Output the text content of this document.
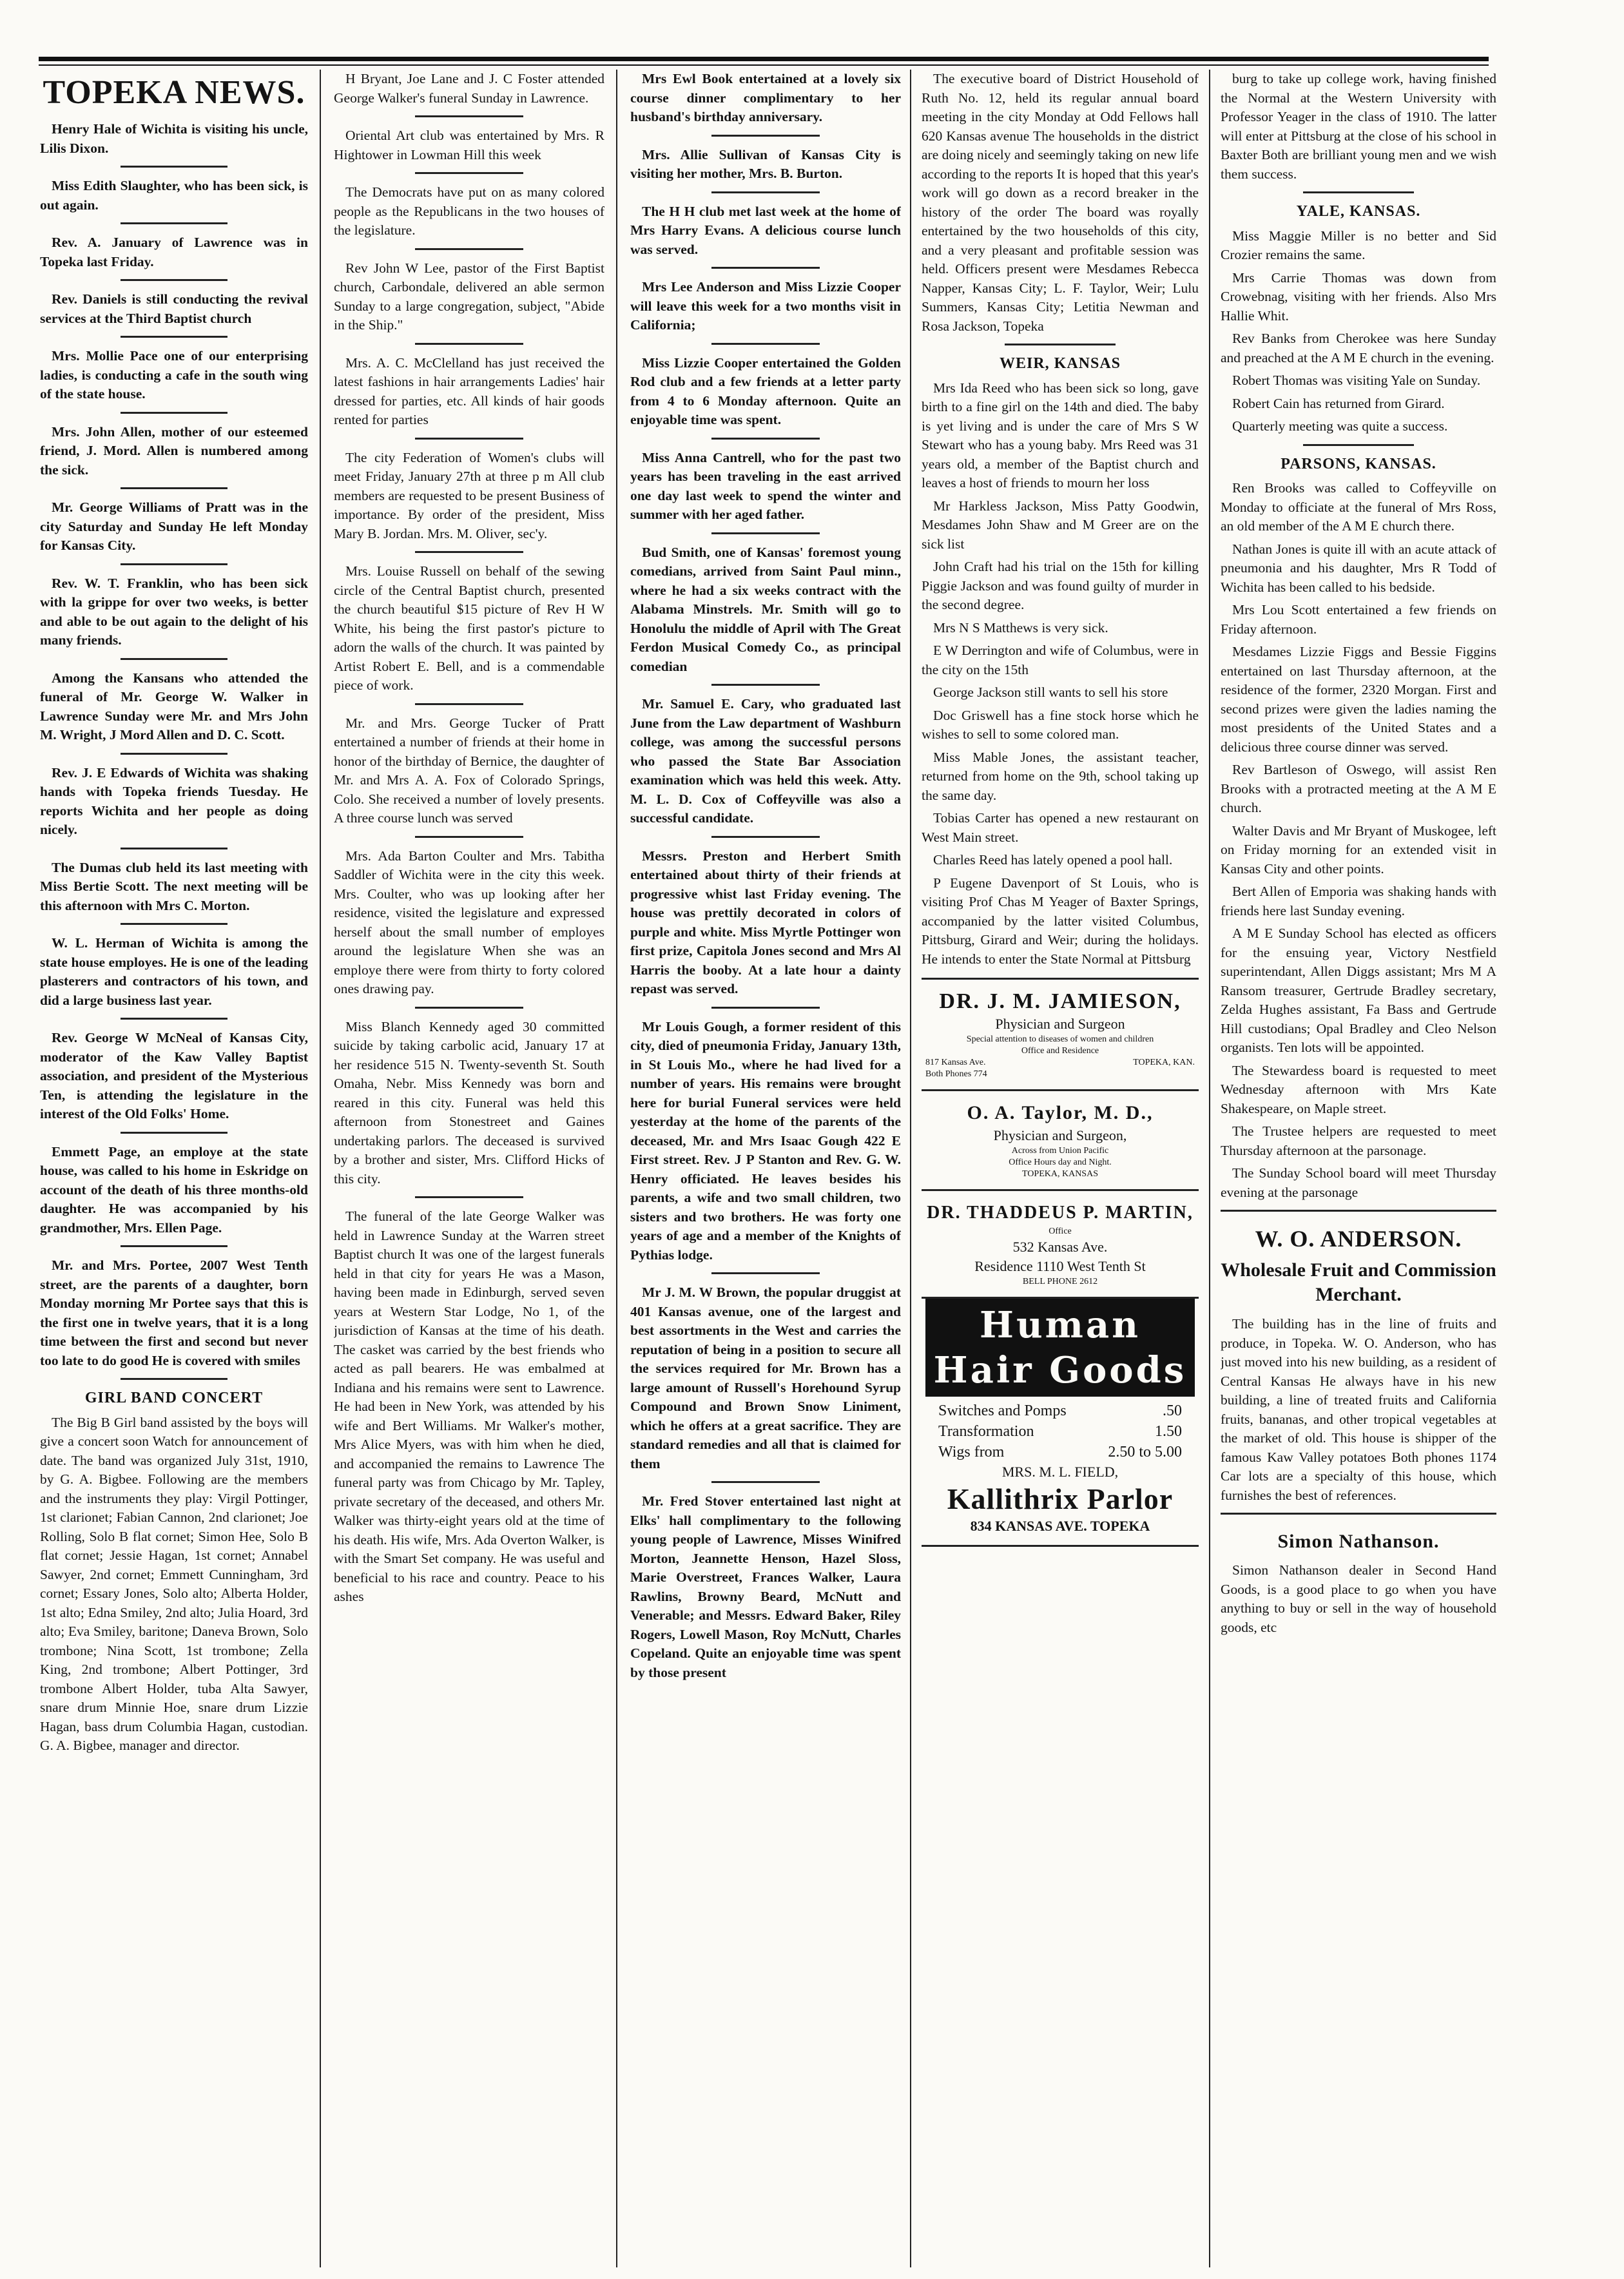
TOPEKA NEWS.

Henry Hale of Wichita is visiting his uncle, Lilis Dixon.

Miss Edith Slaughter, who has been sick, is out again.

Rev. A. January of Lawrence was in Topeka last Friday.

Rev. Daniels is still conducting the revival services at the Third Baptist church

Mrs. Mollie Pace one of our enterprising ladies, is conducting a cafe in the south wing of the state house.

Mrs. John Allen, mother of our esteemed friend, J. Mord. Allen is numbered among the sick.

Mr. George Williams of Pratt was in the city Saturday and Sunday He left Monday for Kansas City.

Rev. W. T. Franklin, who has been sick with la grippe for over two weeks, is better and able to be out again to the delight of his many friends.

Among the Kansans who attended the funeral of Mr. George W. Walker in Lawrence Sunday were Mr. and Mrs John M. Wright, J Mord Allen and D. C. Scott.

Rev. J. E Edwards of Wichita was shaking hands with Topeka friends Tuesday. He reports Wichita and her people as doing nicely.

The Dumas club held its last meeting with Miss Bertie Scott. The next meeting will be this afternoon with Mrs C. Morton.

W. L. Herman of Wichita is among the state house employes. He is one of the leading plasterers and contractors of his town, and did a large business last year.

Rev. George W McNeal of Kansas City, moderator of the Kaw Valley Baptist association, and president of the Mysterious Ten, is attending the legislature in the interest of the Old Folks' Home.

Emmett Page, an employe at the state house, was called to his home in Eskridge on account of the death of his three months-old daughter. He was accompanied by his grandmother, Mrs. Ellen Page.

Mr. and Mrs. Portee, 2007 West Tenth street, are the parents of a daughter, born Monday morning Mr Portee says that this is the first one in twelve years, that it is a long time between the first and second but never too late to do good He is covered with smiles

GIRL BAND CONCERT

The Big B Girl band assisted by the boys will give a concert soon Watch for announcement of date. The band was organized July 31st, 1910, by G. A. Bigbee. Following are the members and the instruments they play: Virgil Pottinger, 1st clarionet; Fabian Cannon, 2nd clarionet; Joe Rolling, Solo B flat cornet; Simon Hee, Solo B flat cornet; Jessie Hagan, 1st cornet; Annabel Sawyer, 2nd cornet; Emmett Cunningham, 3rd cornet; Essary Jones, Solo alto; Alberta Holder, 1st alto; Edna Smiley, 2nd alto; Julia Hoard, 3rd alto; Eva Smiley, baritone; Daneva Brown, Solo trombone; Nina Scott, 1st trombone; Zella King, 2nd trombone; Albert Pottinger, 3rd trombone Albert Holder, tuba Alta Sawyer, snare drum Minnie Hoe, snare drum Lizzie Hagan, bass drum Columbia Hagan, custodian. G. A. Bigbee, manager and director.

H Bryant, Joe Lane and J. C Foster attended George Walker's funeral Sunday in Lawrence.

Oriental Art club was entertained by Mrs. R Hightower in Lowman Hill this week

The Democrats have put on as many colored people as the Republicans in the two houses of the legislature.

Rev John W Lee, pastor of the First Baptist church, Carbondale, delivered an able sermon Sunday to a large congregation, subject, "Abide in the Ship."

Mrs. A. C. McClelland has just received the latest fashions in hair arrangements Ladies' hair dressed for parties, etc. All kinds of hair goods rented for parties

The city Federation of Women's clubs will meet Friday, January 27th at three p m All club members are requested to be present Business of importance. By order of the president, Miss Mary B. Jordan. Mrs. M. Oliver, sec'y.

Mrs. Louise Russell on behalf of the sewing circle of the Central Baptist church, presented the church beautiful $15 picture of Rev H W White, his being the first pastor's picture to adorn the walls of the church. It was painted by Artist Robert E. Bell, and is a commendable piece of work.

Mr. and Mrs. George Tucker of Pratt entertained a number of friends at their home in honor of the birthday of Bernice, the daughter of Mr. and Mrs A. A. Fox of Colorado Springs, Colo. She received a number of lovely presents. A three course lunch was served

Mrs. Ada Barton Coulter and Mrs. Tabitha Saddler of Wichita were in the city this week. Mrs. Coulter, who was up looking after her residence, visited the legislature and expressed herself about the small number of employes around the legislature When she was an employe there were from thirty to forty colored ones drawing pay.

Miss Blanch Kennedy aged 30 committed suicide by taking carbolic acid, January 17 at her residence 515 N. Twenty-seventh St. South Omaha, Nebr. Miss Kennedy was born and reared in this city. Funeral was held this afternoon from Stonestreet and Gaines undertaking parlors. The deceased is survived by a brother and sister, Mrs. Clifford Hicks of this city.

The funeral of the late George Walker was held in Lawrence Sunday at the Warren street Baptist church It was one of the largest funerals held in that city for years He was a Mason, having been made in Edinburgh, served seven years at Western Star Lodge, No 1, of the jurisdiction of Kansas at the time of his death. The casket was carried by the best friends who acted as pall bearers. He was embalmed at Indiana and his remains were sent to Lawrence. He had been in New York, was attended by his wife and Bert Williams. Mr Walker's mother, Mrs Alice Myers, was with him when he died, and accompanied the remains to Lawrence The funeral party was from Chicago by Mr. Tapley, private secretary of the deceased, and others Mr. Walker was thirty-eight years old at the time of his death. His wife, Mrs. Ada Overton Walker, is with the Smart Set company. He was useful and beneficial to his race and country. Peace to his ashes

Mrs Ewl Book entertained at a lovely six course dinner complimentary to her husband's birthday anniversary.

Mrs. Allie Sullivan of Kansas City is visiting her mother, Mrs. B. Burton.

The H H club met last week at the home of Mrs Harry Evans. A delicious course lunch was served.

Mrs Lee Anderson and Miss Lizzie Cooper will leave this week for a two months visit in California;

Miss Lizzie Cooper entertained the Golden Rod club and a few friends at a letter party from 4 to 6 Monday afternoon. Quite an enjoyable time was spent.

Miss Anna Cantrell, who for the past two years has been traveling in the east arrived one day last week to spend the winter and summer with her aged father.

Bud Smith, one of Kansas' foremost young comedians, arrived from Saint Paul minn., where he had a six weeks contract with the Alabama Minstrels. Mr. Smith will go to Honolulu the middle of April with The Great Ferdon Musical Comedy Co., as principal comedian

Mr. Samuel E. Cary, who graduated last June from the Law department of Washburn college, was among the successful persons who passed the State Bar Association examination which was held this week. Atty. M. L. D. Cox of Coffeyville was also a successful candidate.

Messrs. Preston and Herbert Smith entertained about thirty of their friends at progressive whist last Friday evening. The house was prettily decorated in colors of purple and white. Miss Myrtle Pottinger won first prize, Capitola Jones second and Mrs Al Harris the booby. At a late hour a dainty repast was served.

Mr Louis Gough, a former resident of this city, died of pneumonia Friday, January 13th, in St Louis Mo., where he had lived for a number of years. His remains were brought here for burial Funeral services were held yesterday at the home of the parents of the deceased, Mr. and Mrs Isaac Gough 422 E First street. Rev. J P Stanton and Rev. G. W. Henry officiated. He leaves besides his parents, a wife and two small children, two sisters and two brothers. He was forty one years of age and a member of the Knights of Pythias lodge.

Mr J. M. W Brown, the popular druggist at 401 Kansas avenue, one of the largest and best assortments in the West and carries the reputation of being in a position to secure all the services required for Mr. Brown has a large amount of Russell's Horehound Syrup Compound and Brown Snow Liniment, which he offers at a great sacrifice. They are standard remedies and all that is claimed for them

Mr. Fred Stover entertained last night at Elks' hall complimentary to the following young people of Lawrence, Misses Winifred Morton, Jeannette Henson, Hazel Sloss, Marie Overstreet, Frances Walker, Laura Rawlins, Browny Beard, McNutt and Venerable; and Messrs. Edward Baker, Riley Rogers, Lowell Mason, Roy McNutt, Charles Copeland. Quite an enjoyable time was spent by those present

The executive board of District Household of Ruth No. 12, held its regular annual board meeting in the city Monday at Odd Fellows hall 620 Kansas avenue The households in the district are doing nicely and seemingly taking on new life according to the reports It is hoped that this year's work will go down as a record breaker in the history of the order The board was royally entertained by the two households of this city, and a very pleasant and profitable session was held. Officers present were Mesdames Rebecca Napper, Kansas City; L. F. Taylor, Weir; Lulu Summers, Kansas City; Letitia Newman and Rosa Jackson, Topeka

WEIR, KANSAS

Mrs Ida Reed who has been sick so long, gave birth to a fine girl on the 14th and died. The baby is yet living and is under the care of Mrs S W Stewart who has a young baby. Mrs Reed was 31 years old, a member of the Baptist church and leaves a host of friends to mourn her loss

Mr Harkless Jackson, Miss Patty Goodwin, Mesdames John Shaw and M Greer are on the sick list

John Craft had his trial on the 15th for killing Piggie Jackson and was found guilty of murder in the second degree.

Mrs N S Matthews is very sick.

E W Derrington and wife of Columbus, were in the city on the 15th

George Jackson still wants to sell his store

Doc Griswell has a fine stock horse which he wishes to sell to some colored man.

Miss Mable Jones, the assistant teacher, returned from home on the 9th, school taking up the same day.

Tobias Carter has opened a new restaurant on West Main street.

Charles Reed has lately opened a pool hall.

P Eugene Davenport of St Louis, who is visiting Prof Chas M Yeager of Baxter Springs, accompanied by the latter visited Columbus, Pittsburg, Girard and Weir; during the holidays. He intends to enter the State Normal at Pittsburg

DR. J. M. JAMIESON,
Physician and Surgeon
Special attention to diseases of women and children
Office and Residence
817 Kansas Ave.	TOPEKA, KAN.
Both Phones 774
O. A. Taylor, M. D.,
Physician and Surgeon,
Across from Union Pacific
Office Hours day and Night.
TOPEKA, KANSAS
DR. THADDEUS P. MARTIN,
Office
532 Kansas Ave.
Residence 1110 West Tenth St
BELL PHONE 2612
Human Hair Goods
Switches and Pomps	.50
Transformation	1.50
Wigs from	2.50 to 5.00
MRS. M. L. FIELD,
Kallithrix Parlor
834 KANSAS AVE. TOPEKA

burg to take up college work, having finished the Normal at the Western University with Professor Yeager in the class of 1910. The latter will enter at Pittsburg at the close of his school in Baxter Both are brilliant young men and we wish them success.

YALE, KANSAS.

Miss Maggie Miller is no better and Sid Crozier remains the same.

Mrs Carrie Thomas was down from Crowebnag, visiting with her friends. Also Mrs Hallie Whit.

Rev Banks from Cherokee was here Sunday and preached at the A M E church in the evening.

Robert Thomas was visiting Yale on Sunday.

Robert Cain has returned from Girard.

Quarterly meeting was quite a success.

PARSONS, KANSAS.

Ren Brooks was called to Coffeyville on Monday to officiate at the funeral of Mrs Ross, an old member of the A M E church there.

Nathan Jones is quite ill with an acute attack of pneumonia and his daughter, Mrs R Todd of Wichita has been called to his bedside.

Mrs Lou Scott entertained a few friends on Friday afternoon.

Mesdames Lizzie Figgs and Bessie Figgins entertained on last Thursday afternoon, at the residence of the former, 2320 Morgan. First and second prizes were given the ladies naming the most presidents of the United States and a delicious three course dinner was served.

Rev Bartleson of Oswego, will assist Ren Brooks with a protracted meeting at the A M E church.

Walter Davis and Mr Bryant of Muskogee, left on Friday morning for an extended visit in Kansas City and other points.

Bert Allen of Emporia was shaking hands with friends here last Sunday evening.

A M E Sunday School has elected as officers for the ensuing year, Victory Nestfield superintendant, Allen Diggs assistant; Mrs M A Ransom treasurer, Gertrude Bradley secretary, Zelda Hughes assistant, Fa Bass and Gertrude Hill custodians; Opal Bradley and Cleo Nelson organists. Ten lots will be appointed.

The Stewardess board is requested to meet Wednesday afternoon with Mrs Kate Shakespeare, on Maple street.

The Trustee helpers are requested to meet Thursday afternoon at the parsonage.

The Sunday School board will meet Thursday evening at the parsonage

W. O. ANDERSON.
Wholesale Fruit and Commission Merchant.

The building has in the line of fruits and produce, in Topeka. W. O. Anderson, who has just moved into his new building, as a resident of Central Kansas He always have in his new building, a line of treated fruits and California fruits, bananas, and other tropical vegetables at the market of old. This house is shipper of the famous Kaw Valley potatoes Both phones 1174 Car lots are a specialty of this house, which furnishes the best of references.

Simon Nathanson.

Simon Nathanson dealer in Second Hand Goods, is a good place to go when you have anything to buy or sell in the way of household goods, etc
